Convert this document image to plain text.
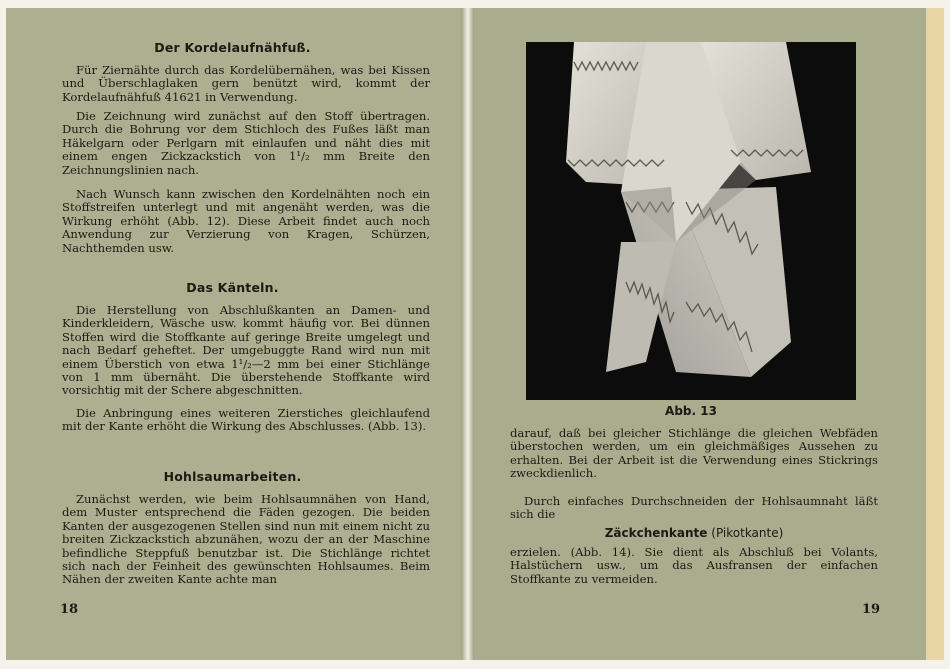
Der Kordelaufnähfuß.

Für Ziernähte durch das Kordelübernähen, was bei Kissen und Überschlaglaken gern benützt wird, kommt der Kordelaufnähfuß 41621 in Verwendung.

Die Zeichnung wird zunächst auf den Stoff übertragen. Durch die Bohrung vor dem Stichloch des Fußes läßt man Häkelgarn oder Perlgarn mit einlaufen und näht dies mit einem engen Zickzackstich von 1¹/₂ mm Breite den Zeichnungslinien nach.

Nach Wunsch kann zwischen den Kordelnähten noch ein Stoffstreifen unterlegt und mit angenäht werden, was die Wirkung erhöht (Abb. 12). Diese Arbeit findet auch noch Anwendung zur Verzierung von Kragen, Schürzen, Nachthemden usw.

Das Känteln.

Die Herstellung von Abschlußkanten an Damen- und Kinderkleidern, Wäsche usw. kommt häufig vor. Bei dünnen Stoffen wird die Stoffkante auf geringe Breite umgelegt und nach Bedarf geheftet. Der umgebuggte Rand wird nun mit einem Überstich von etwa 1¹/₂—2 mm bei einer Stichlänge von 1 mm übernäht. Die überstehende Stoffkante wird vorsichtig mit der Schere abgeschnitten.

Die Anbringung eines weiteren Zierstiches gleichlaufend mit der Kante erhöht die Wirkung des Abschlusses. (Abb. 13).

Hohlsaumarbeiten.

Zunächst werden, wie beim Hohlsaumnähen von Hand, dem Muster entsprechend die Fäden gezogen. Die beiden Kanten der ausgezogenen Stellen sind nun mit einem nicht zu breiten Zickzackstich abzunähen, wozu der an der Maschine befindliche Steppfuß benutzbar ist. Die Stichlänge richtet sich nach der Feinheit des gewünschten Hohlsaumes. Beim Nähen der zweiten Kante achte man

18
Abb. 13

darauf, daß bei gleicher Stichlänge die gleichen Webfäden überstochen werden, um ein gleichmäßiges Aussehen zu erhalten. Bei der Arbeit ist die Verwendung eines Stickrings zweckdienlich.

Durch einfaches Durchschneiden der Hohlsaumnaht läßt sich die

Zäckchenkante (Pikotkante)

erzielen. (Abb. 14). Sie dient als Abschluß bei Volants, Halstüchern usw., um das Ausfransen der einfachen Stoffkante zu vermeiden.

19
